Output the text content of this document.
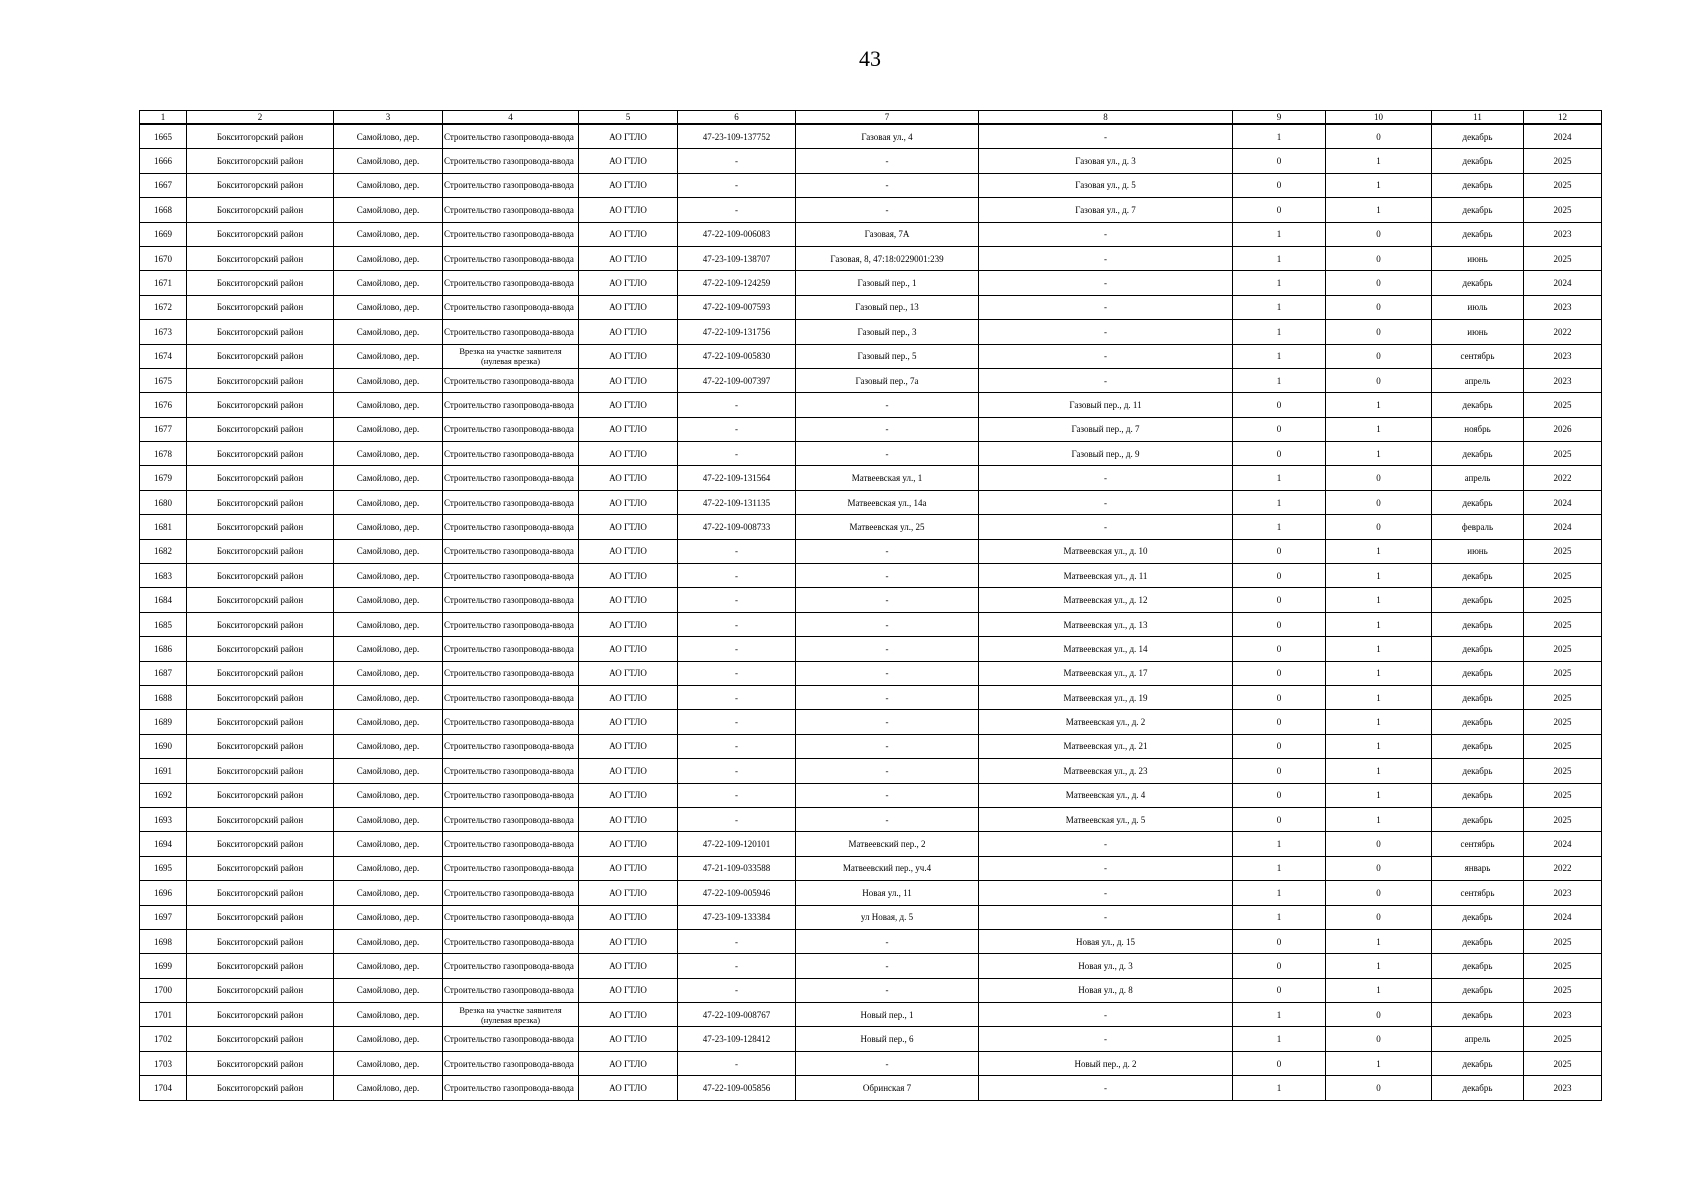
43
1	2	3	4	5	6	7	8	9	10	11	12
1665	Бокситогорский район	Самойлово, дер.	Строительство газопровода-ввода	АО ГТЛО	47-23-109-137752	Газовая ул., 4	-	1	0	декабрь	2024
1666	Бокситогорский район	Самойлово, дер.	Строительство газопровода-ввода	АО ГТЛО	-	-	Газовая ул., д. 3	0	1	декабрь	2025
1667	Бокситогорский район	Самойлово, дер.	Строительство газопровода-ввода	АО ГТЛО	-	-	Газовая ул., д. 5	0	1	декабрь	2025
1668	Бокситогорский район	Самойлово, дер.	Строительство газопровода-ввода	АО ГТЛО	-	-	Газовая ул., д. 7	0	1	декабрь	2025
1669	Бокситогорский район	Самойлово, дер.	Строительство газопровода-ввода	АО ГТЛО	47-22-109-006083	Газовая, 7А	-	1	0	декабрь	2023
1670	Бокситогорский район	Самойлово, дер.	Строительство газопровода-ввода	АО ГТЛО	47-23-109-138707	Газовая, 8, 47:18:0229001:239	-	1	0	июнь	2025
1671	Бокситогорский район	Самойлово, дер.	Строительство газопровода-ввода	АО ГТЛО	47-22-109-124259	Газовый пер., 1	-	1	0	декабрь	2024
1672	Бокситогорский район	Самойлово, дер.	Строительство газопровода-ввода	АО ГТЛО	47-22-109-007593	Газовый пер., 13	-	1	0	июль	2023
1673	Бокситогорский район	Самойлово, дер.	Строительство газопровода-ввода	АО ГТЛО	47-22-109-131756	Газовый пер., 3	-	1	0	июнь	2022
1674	Бокситогорский район	Самойлово, дер.	Врезка на участке заявителя (нулевая врезка)	АО ГТЛО	47-22-109-005830	Газовый пер., 5	-	1	0	сентябрь	2023
1675	Бокситогорский район	Самойлово, дер.	Строительство газопровода-ввода	АО ГТЛО	47-22-109-007397	Газовый пер., 7а	-	1	0	апрель	2023
1676	Бокситогорский район	Самойлово, дер.	Строительство газопровода-ввода	АО ГТЛО	-	-	Газовый пер., д. 11	0	1	декабрь	2025
1677	Бокситогорский район	Самойлово, дер.	Строительство газопровода-ввода	АО ГТЛО	-	-	Газовый пер., д. 7	0	1	ноябрь	2026
1678	Бокситогорский район	Самойлово, дер.	Строительство газопровода-ввода	АО ГТЛО	-	-	Газовый пер., д. 9	0	1	декабрь	2025
1679	Бокситогорский район	Самойлово, дер.	Строительство газопровода-ввода	АО ГТЛО	47-22-109-131564	Матвеевская ул., 1	-	1	0	апрель	2022
1680	Бокситогорский район	Самойлово, дер.	Строительство газопровода-ввода	АО ГТЛО	47-22-109-131135	Матвеевская ул., 14а	-	1	0	декабрь	2024
1681	Бокситогорский район	Самойлово, дер.	Строительство газопровода-ввода	АО ГТЛО	47-22-109-008733	Матвеевская ул., 25	-	1	0	февраль	2024
1682	Бокситогорский район	Самойлово, дер.	Строительство газопровода-ввода	АО ГТЛО	-	-	Матвеевская ул., д. 10	0	1	июнь	2025
1683	Бокситогорский район	Самойлово, дер.	Строительство газопровода-ввода	АО ГТЛО	-	-	Матвеевская ул., д. 11	0	1	декабрь	2025
1684	Бокситогорский район	Самойлово, дер.	Строительство газопровода-ввода	АО ГТЛО	-	-	Матвеевская ул., д. 12	0	1	декабрь	2025
1685	Бокситогорский район	Самойлово, дер.	Строительство газопровода-ввода	АО ГТЛО	-	-	Матвеевская ул., д. 13	0	1	декабрь	2025
1686	Бокситогорский район	Самойлово, дер.	Строительство газопровода-ввода	АО ГТЛО	-	-	Матвеевская ул., д. 14	0	1	декабрь	2025
1687	Бокситогорский район	Самойлово, дер.	Строительство газопровода-ввода	АО ГТЛО	-	-	Матвеевская ул., д. 17	0	1	декабрь	2025
1688	Бокситогорский район	Самойлово, дер.	Строительство газопровода-ввода	АО ГТЛО	-	-	Матвеевская ул., д. 19	0	1	декабрь	2025
1689	Бокситогорский район	Самойлово, дер.	Строительство газопровода-ввода	АО ГТЛО	-	-	Матвеевская ул., д. 2	0	1	декабрь	2025
1690	Бокситогорский район	Самойлово, дер.	Строительство газопровода-ввода	АО ГТЛО	-	-	Матвеевская ул., д. 21	0	1	декабрь	2025
1691	Бокситогорский район	Самойлово, дер.	Строительство газопровода-ввода	АО ГТЛО	-	-	Матвеевская ул., д. 23	0	1	декабрь	2025
1692	Бокситогорский район	Самойлово, дер.	Строительство газопровода-ввода	АО ГТЛО	-	-	Матвеевская ул., д. 4	0	1	декабрь	2025
1693	Бокситогорский район	Самойлово, дер.	Строительство газопровода-ввода	АО ГТЛО	-	-	Матвеевская ул., д. 5	0	1	декабрь	2025
1694	Бокситогорский район	Самойлово, дер.	Строительство газопровода-ввода	АО ГТЛО	47-22-109-120101	Матвеевский пер., 2	-	1	0	сентябрь	2024
1695	Бокситогорский район	Самойлово, дер.	Строительство газопровода-ввода	АО ГТЛО	47-21-109-033588	Матвеевский пер., уч.4	-	1	0	январь	2022
1696	Бокситогорский район	Самойлово, дер.	Строительство газопровода-ввода	АО ГТЛО	47-22-109-005946	Новая ул., 11	-	1	0	сентябрь	2023
1697	Бокситогорский район	Самойлово, дер.	Строительство газопровода-ввода	АО ГТЛО	47-23-109-133384	ул Новая, д. 5	-	1	0	декабрь	2024
1698	Бокситогорский район	Самойлово, дер.	Строительство газопровода-ввода	АО ГТЛО	-	-	Новая ул., д. 15	0	1	декабрь	2025
1699	Бокситогорский район	Самойлово, дер.	Строительство газопровода-ввода	АО ГТЛО	-	-	Новая ул., д. 3	0	1	декабрь	2025
1700	Бокситогорский район	Самойлово, дер.	Строительство газопровода-ввода	АО ГТЛО	-	-	Новая ул., д. 8	0	1	декабрь	2025
1701	Бокситогорский район	Самойлово, дер.	Врезка на участке заявителя (нулевая врезка)	АО ГТЛО	47-22-109-008767	Новый пер., 1	-	1	0	декабрь	2023
1702	Бокситогорский район	Самойлово, дер.	Строительство газопровода-ввода	АО ГТЛО	47-23-109-128412	Новый пер., 6	-	1	0	апрель	2025
1703	Бокситогорский район	Самойлово, дер.	Строительство газопровода-ввода	АО ГТЛО	-	-	Новый пер., д. 2	0	1	декабрь	2025
1704	Бокситогорский район	Самойлово, дер.	Строительство газопровода-ввода	АО ГТЛО	47-22-109-005856	Обринская 7	-	1	0	декабрь	2023
